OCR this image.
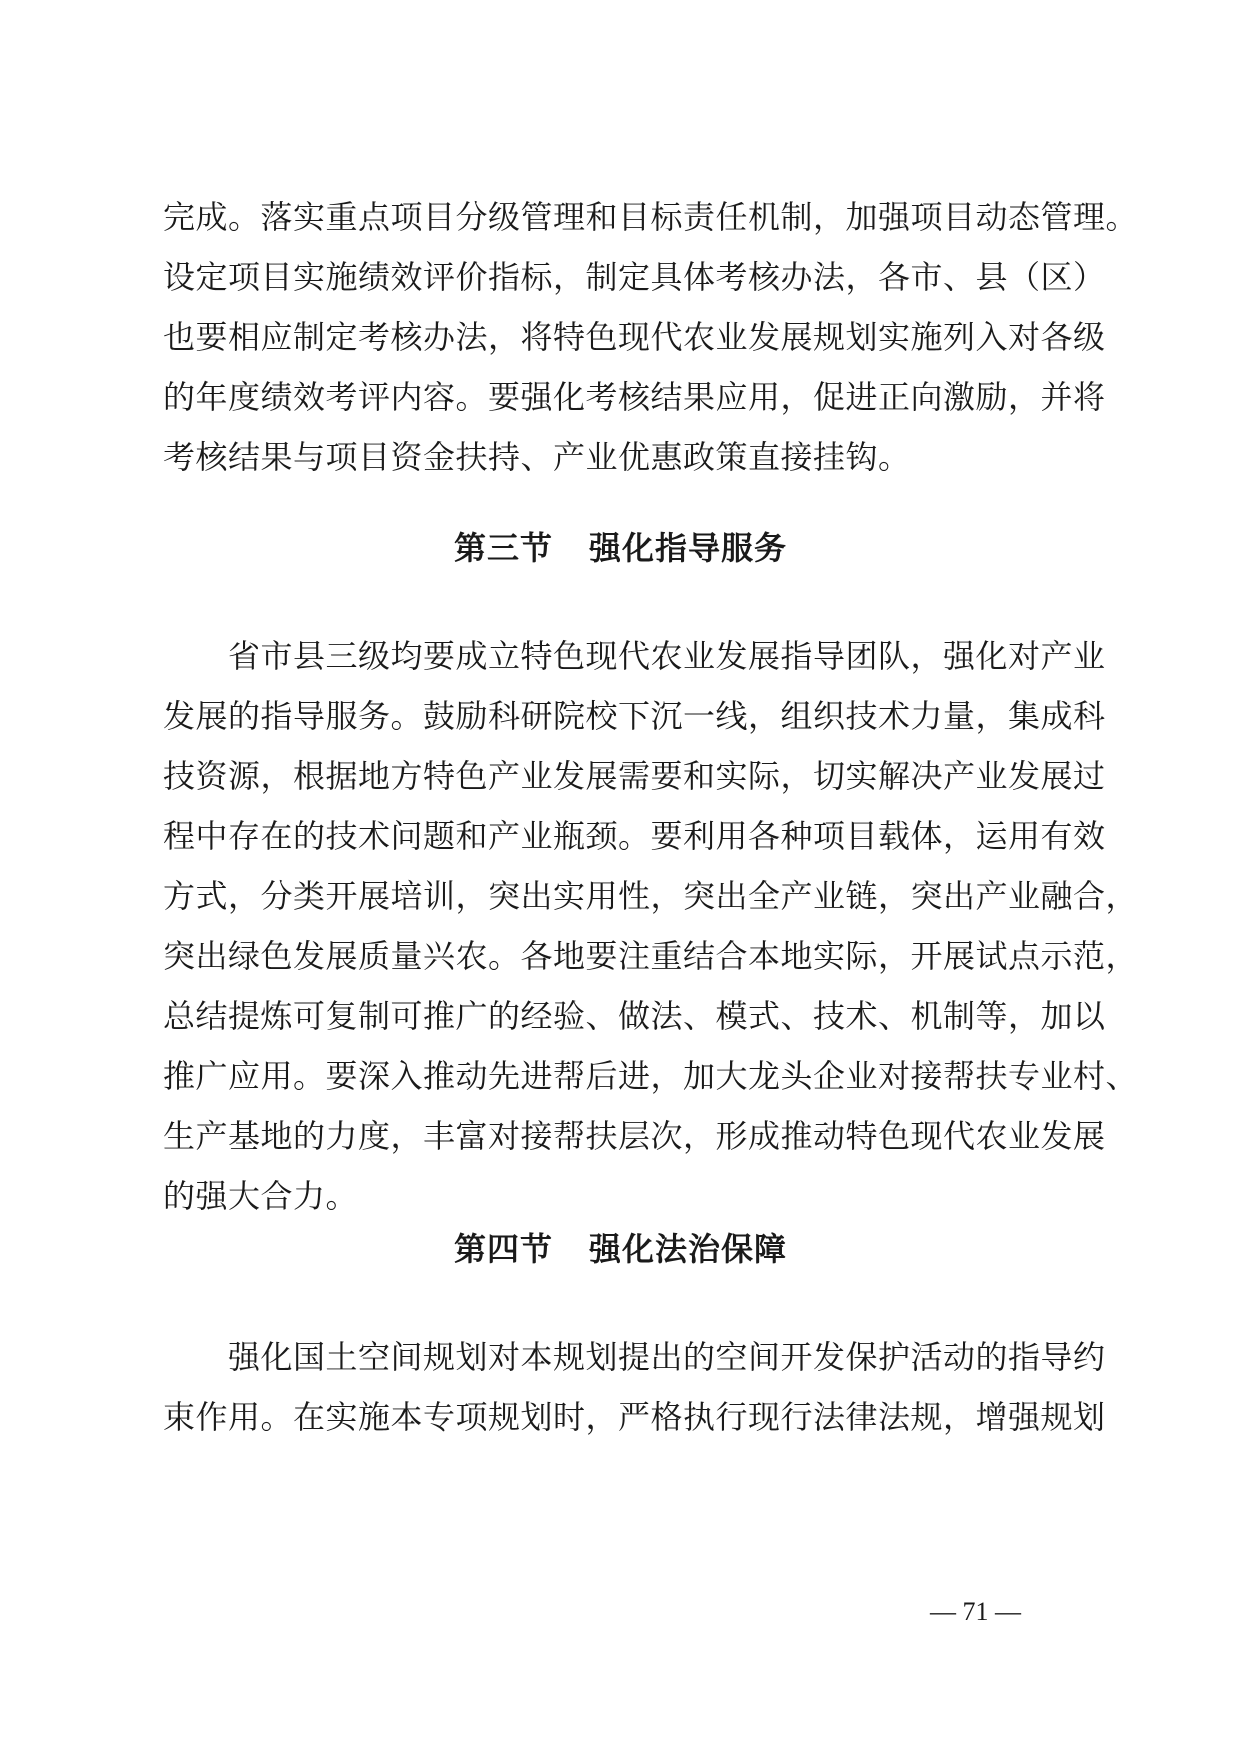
完成。落实重点项目分级管理和目标责任机制，加强项目动态管理。
设定项目实施绩效评价指标，制定具体考核办法，各市、县（区）
也要相应制定考核办法，将特色现代农业发展规划实施列入对各级
的年度绩效考评内容。要强化考核结果应用，促进正向激励，并将
考核结果与项目资金扶持、产业优惠政策直接挂钩。
第三节 强化指导服务
　　省市县三级均要成立特色现代农业发展指导团队，强化对产业
发展的指导服务。鼓励科研院校下沉一线，组织技术力量，集成科
技资源，根据地方特色产业发展需要和实际，切实解决产业发展过
程中存在的技术问题和产业瓶颈。要利用各种项目载体，运用有效
方式，分类开展培训，突出实用性，突出全产业链，突出产业融合，
突出绿色发展质量兴农。各地要注重结合本地实际，开展试点示范，
总结提炼可复制可推广的经验、做法、模式、技术、机制等，加以
推广应用。要深入推动先进帮后进，加大龙头企业对接帮扶专业村、
生产基地的力度，丰富对接帮扶层次，形成推动特色现代农业发展
的强大合力。
第四节 强化法治保障
　　强化国土空间规划对本规划提出的空间开发保护活动的指导约
束作用。在实施本专项规划时，严格执行现行法律法规，增强规划
— 71 —
